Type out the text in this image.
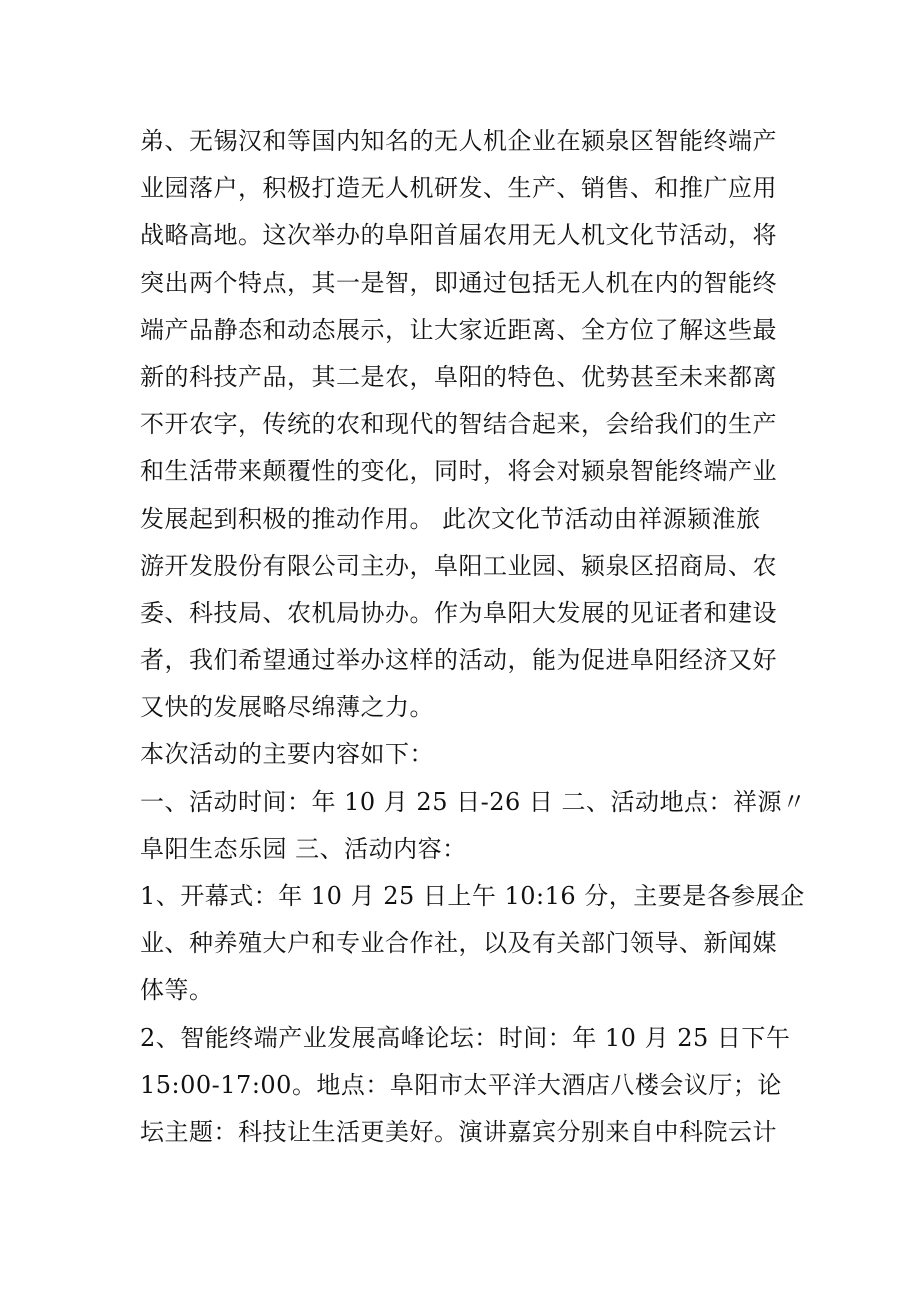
弟、无锡汉和等国内知名的无人机企业在颍泉区智能终端产
业园落户，积极打造无人机研发、生产、销售、和推广应用
战略高地。这次举办的阜阳首届农用无人机文化节活动，将
突出两个特点，其一是智，即通过包括无人机在内的智能终
端产品静态和动态展示，让大家近距离、全方位了解这些最
新的科技产品，其二是农，阜阳的特色、优势甚至未来都离
不开农字，传统的农和现代的智结合起来，会给我们的生产
和生活带来颠覆性的变化，同时，将会对颍泉智能终端产业
发展起到积极的推动作用。 此次文化节活动由祥源颍淮旅
游开发股份有限公司主办，阜阳工业园、颍泉区招商局、农
委、科技局、农机局协办。作为阜阳大发展的见证者和建设
者，我们希望通过举办这样的活动，能为促进阜阳经济又好
又快的发展略尽绵薄之力。
本次活动的主要内容如下：
一、活动时间：年 10 月 25 日-26 日 二、活动地点：祥源〃
阜阳生态乐园 三、活动内容：
1、开幕式：年 10 月 25 日上午 10:16 分，主要是各参展企
业、种养殖大户和专业合作社，以及有关部门领导、新闻媒
体等。
2、智能终端产业发展高峰论坛：时间：年 10 月 25 日下午
15:00-17:00。地点：阜阳市太平洋大酒店八楼会议厅；论
坛主题：科技让生活更美好。演讲嘉宾分别来自中科院云计
